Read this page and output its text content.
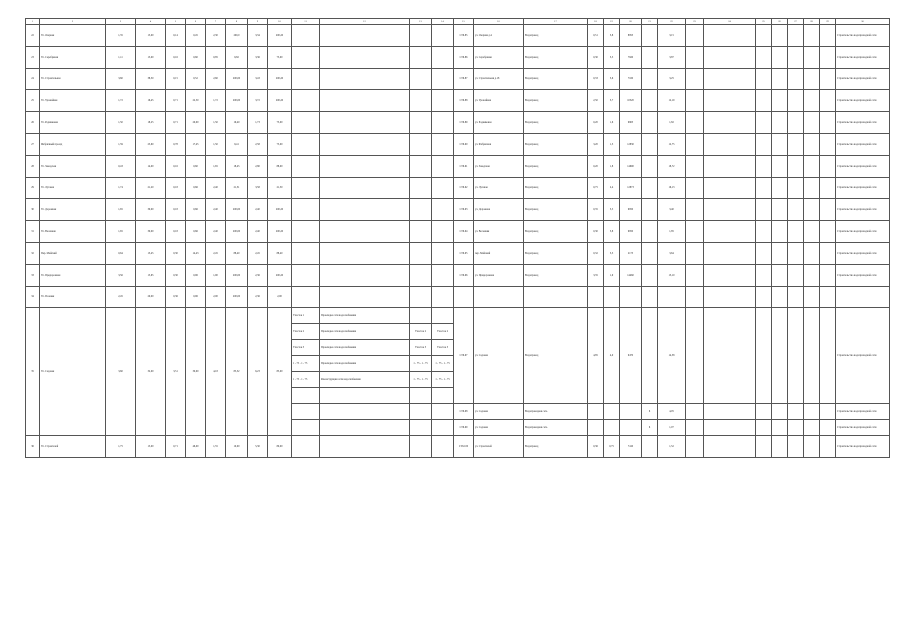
1	2	3	4	5	6	7	8	9	10	11	12	13	14	15	16	17	18	19	20	21	22	23	24	25	26	27	28	29	30
22	Ул. Озерная	1,35	15,00	0,14	0,45	2,30	200,0	3,34	200,20					СТ6.85	ул. Озерная д.4	Водопровод	0,51	3,8	8853		3,15								Строительство водопроводной сети
23	Ул. Серебряная	1,11	15,00	0,16	0,60	0,85	9,82	3,36	75,00					СТ6.86	ул. Серебряная	Водопровод	0,30	3,5	7920		3,87								Строительство водопроводной сети
24	Ул. Строительная	3,60	38,30	0,15	0,52	2,60	200,00	3,43	200,20					СТ6.87	ул. Строительная д.18	Водопровод	0,33	3,6	7160		3,25								Строительство водопроводной сети
25	Ул. Урожайная	1,72	16,45	0,71	22,50	1,72	200,00	3,72	200,20					СТ6.88	ул. Урожайная	Водопровод	2,50	3,7	10320		12,19								Строительство водопроводной сети
26	Ул. Родниковая	1,50	18,25	0,71	20,00	1,50	19,40	1,73	75,00					СТ6.89	ул. Родниковая	Водопровод	0,20	1,6	9903		1,82								Строительство водопроводной сети
27	Фабричный проезд	1,59	25,60	0,78	17,45	1,50	9,41	2,58	75,00					СТ6.90	ул. Фабричная	Водопровод	3,20	1,3	12830		12,75								Строительство водопроводной сети
28	Ул. Заводская	0,43	14,00	0,16	0,60	1,65	18,45	2,80	88,00					СТ6.91	ул. Заводская	Водопровод	0,20	1,8	14690		18,72								Строительство водопроводной сети
29	Ул. Луговая	1,74	21,20	0,18	0,66	2,40	21,31	3,58	21,30					СТ6.92	ул. Луговая	Водопровод	0,75	2,4	12873		16,13								Строительство водопроводной сети
30	Ул. Дорожная	1,65	30,00	0,18	0,66	2,40	200,00	2,40	200,20					СТ6.93	ул. Дорожная	Водопровод	0,35	3,5	9950		3,40								Строительство водопроводной сети
31	Ул. Весенняя	1,65	30,00	0,18	0,66	2,40	200,00	2,40	200,20					СТ6.94	ул. Весенняя	Водопровод	0,30	3,8	9950		1,85								Строительство водопроводной сети
32	Пер. Майский	0,64	13,45	0,30	14,43	2,45	88,40	2,45	88,40					СТ6.95	пер. Майский	Водопровод	0,32	3,3	2173		3,64								Строительство водопроводной сети
33	Ул. Придорожная	3,56	15,65	0,30	0,96	1,90	200,00	2,36	200,20					СТ6.96	ул. Придорожная	Водопровод	3,35	1,9	14460		13,10								Строительство водопроводной сети
34	Ул. Полевая	2,45	20,00	0,36	0,96	2,00	200,00	2,36	2,00																				
35	Ул. Садовая	3,60	32,00	3,51	30,00	4,18	85,32	6,23	85,00	Участок 1	Прокладка сети водоснабжения			СТ6.97	ул. Садовая	Водопровод	4,85	4,0	9470		14,38								Строительство водопроводной сети
										Участок 2	Прокладка сети водоснабжения	Участок 2	Участок 2																
										Участок 3	Прокладка сети водоснабжения	Участок 3	Участок 3																
										1 - 75 - 1 - 75	Прокладка сети водоснабжения	1 - 75 - 1 - 75	1 - 75 - 1 - 75																
										1 - 75 - 1 - 75	Реконструкция сети водоснабжения	1 - 75 - 1 - 75	1 - 75 - 1 - 75																

														СТ6.98	ул. Садовая	Водопроводная сеть				6	4,05								Строительство водопроводной сети
														СТ6.99	ул. Садовая	Водопроводная сеть				6	1,07								Строительство водопроводной сети
36	Ул. Строителей	1,75	15,00	0,71	46,00	1,55	10,00	5,30	80,00					СТ6.100	ул. Строителей	Водопровод	0,36	0,75	7410		1,52								Строительство водопроводной сети
